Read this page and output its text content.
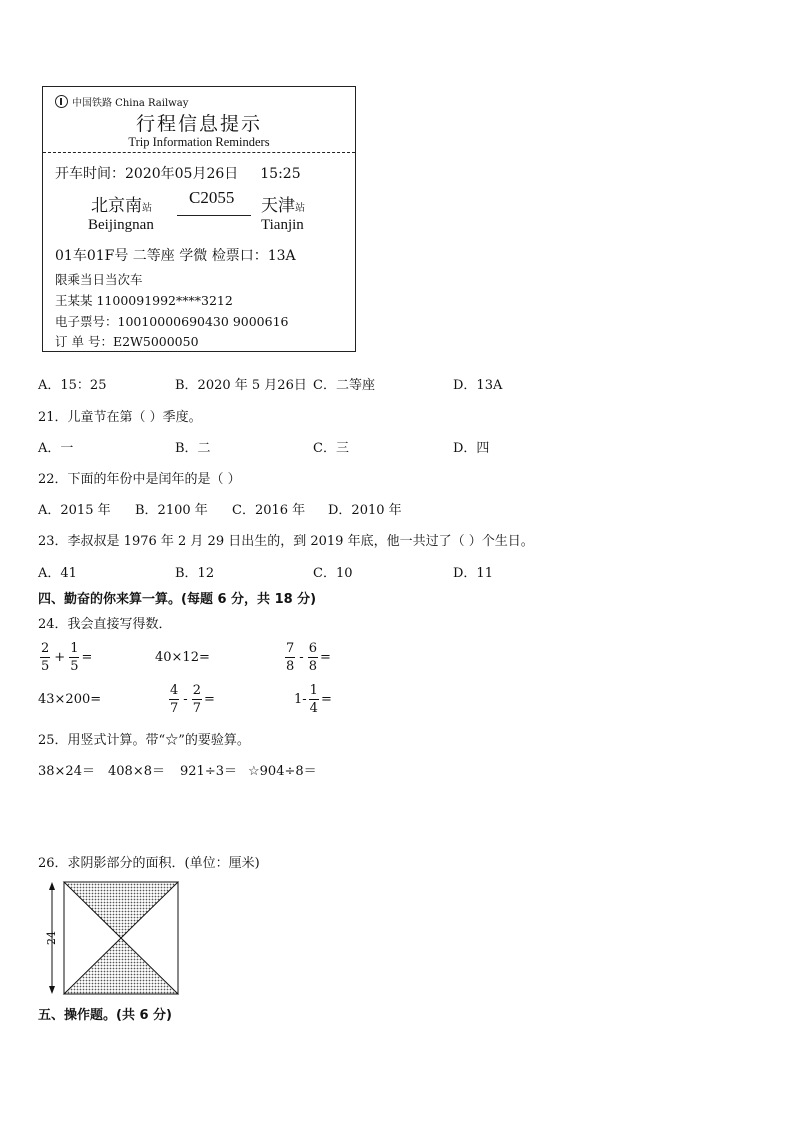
中国铁路 China Railway
行程信息提示
Trip Information Reminders
开车时间：2020年05月26日 15:25
北京南站
C2055 天津站
Beijingnan	Tianjin
01车01F号 二等座 学微 检票口：13A
限乘当日当次车
王某某 1100091992****3212
电子票号：10010000690430 9000616
订 单 号：E2W5000050
A．15：25	B．2020 年 5 月26日 C．二等座	D．13A
21．儿童节在第（ ）季度。
A．一	B．二	C．三	D．四
22．下面的年份中是闰年的是（ ）
A．2015 年 B．2100 年 C．2016 年 D．2010 年
23．李叔叔是 1976 年 2 月 29 日出生的，到 2019 年底，他一共过了（ ）个生日。
A．41	B．12	C．10	D．11
四、勤奋的你来算一算。(每题 6 分，共 18 分)
24．我会直接写得数．
$\frac{2}{5} + \frac{1}{5}$ =	40×12=	$\frac{7}{8} - \frac{6}{8}$ =
43×200=	$\frac{4}{7} - \frac{2}{7}$ =	$1- \frac{1}{4}$ =
25．用竖式计算。带“☆”的要验算。
38×24＝ 408×8＝ 921÷3＝ ☆904÷8＝
26．求阴影部分的面积．(单位：厘米)
24
五、操作题。(共 6 分)
